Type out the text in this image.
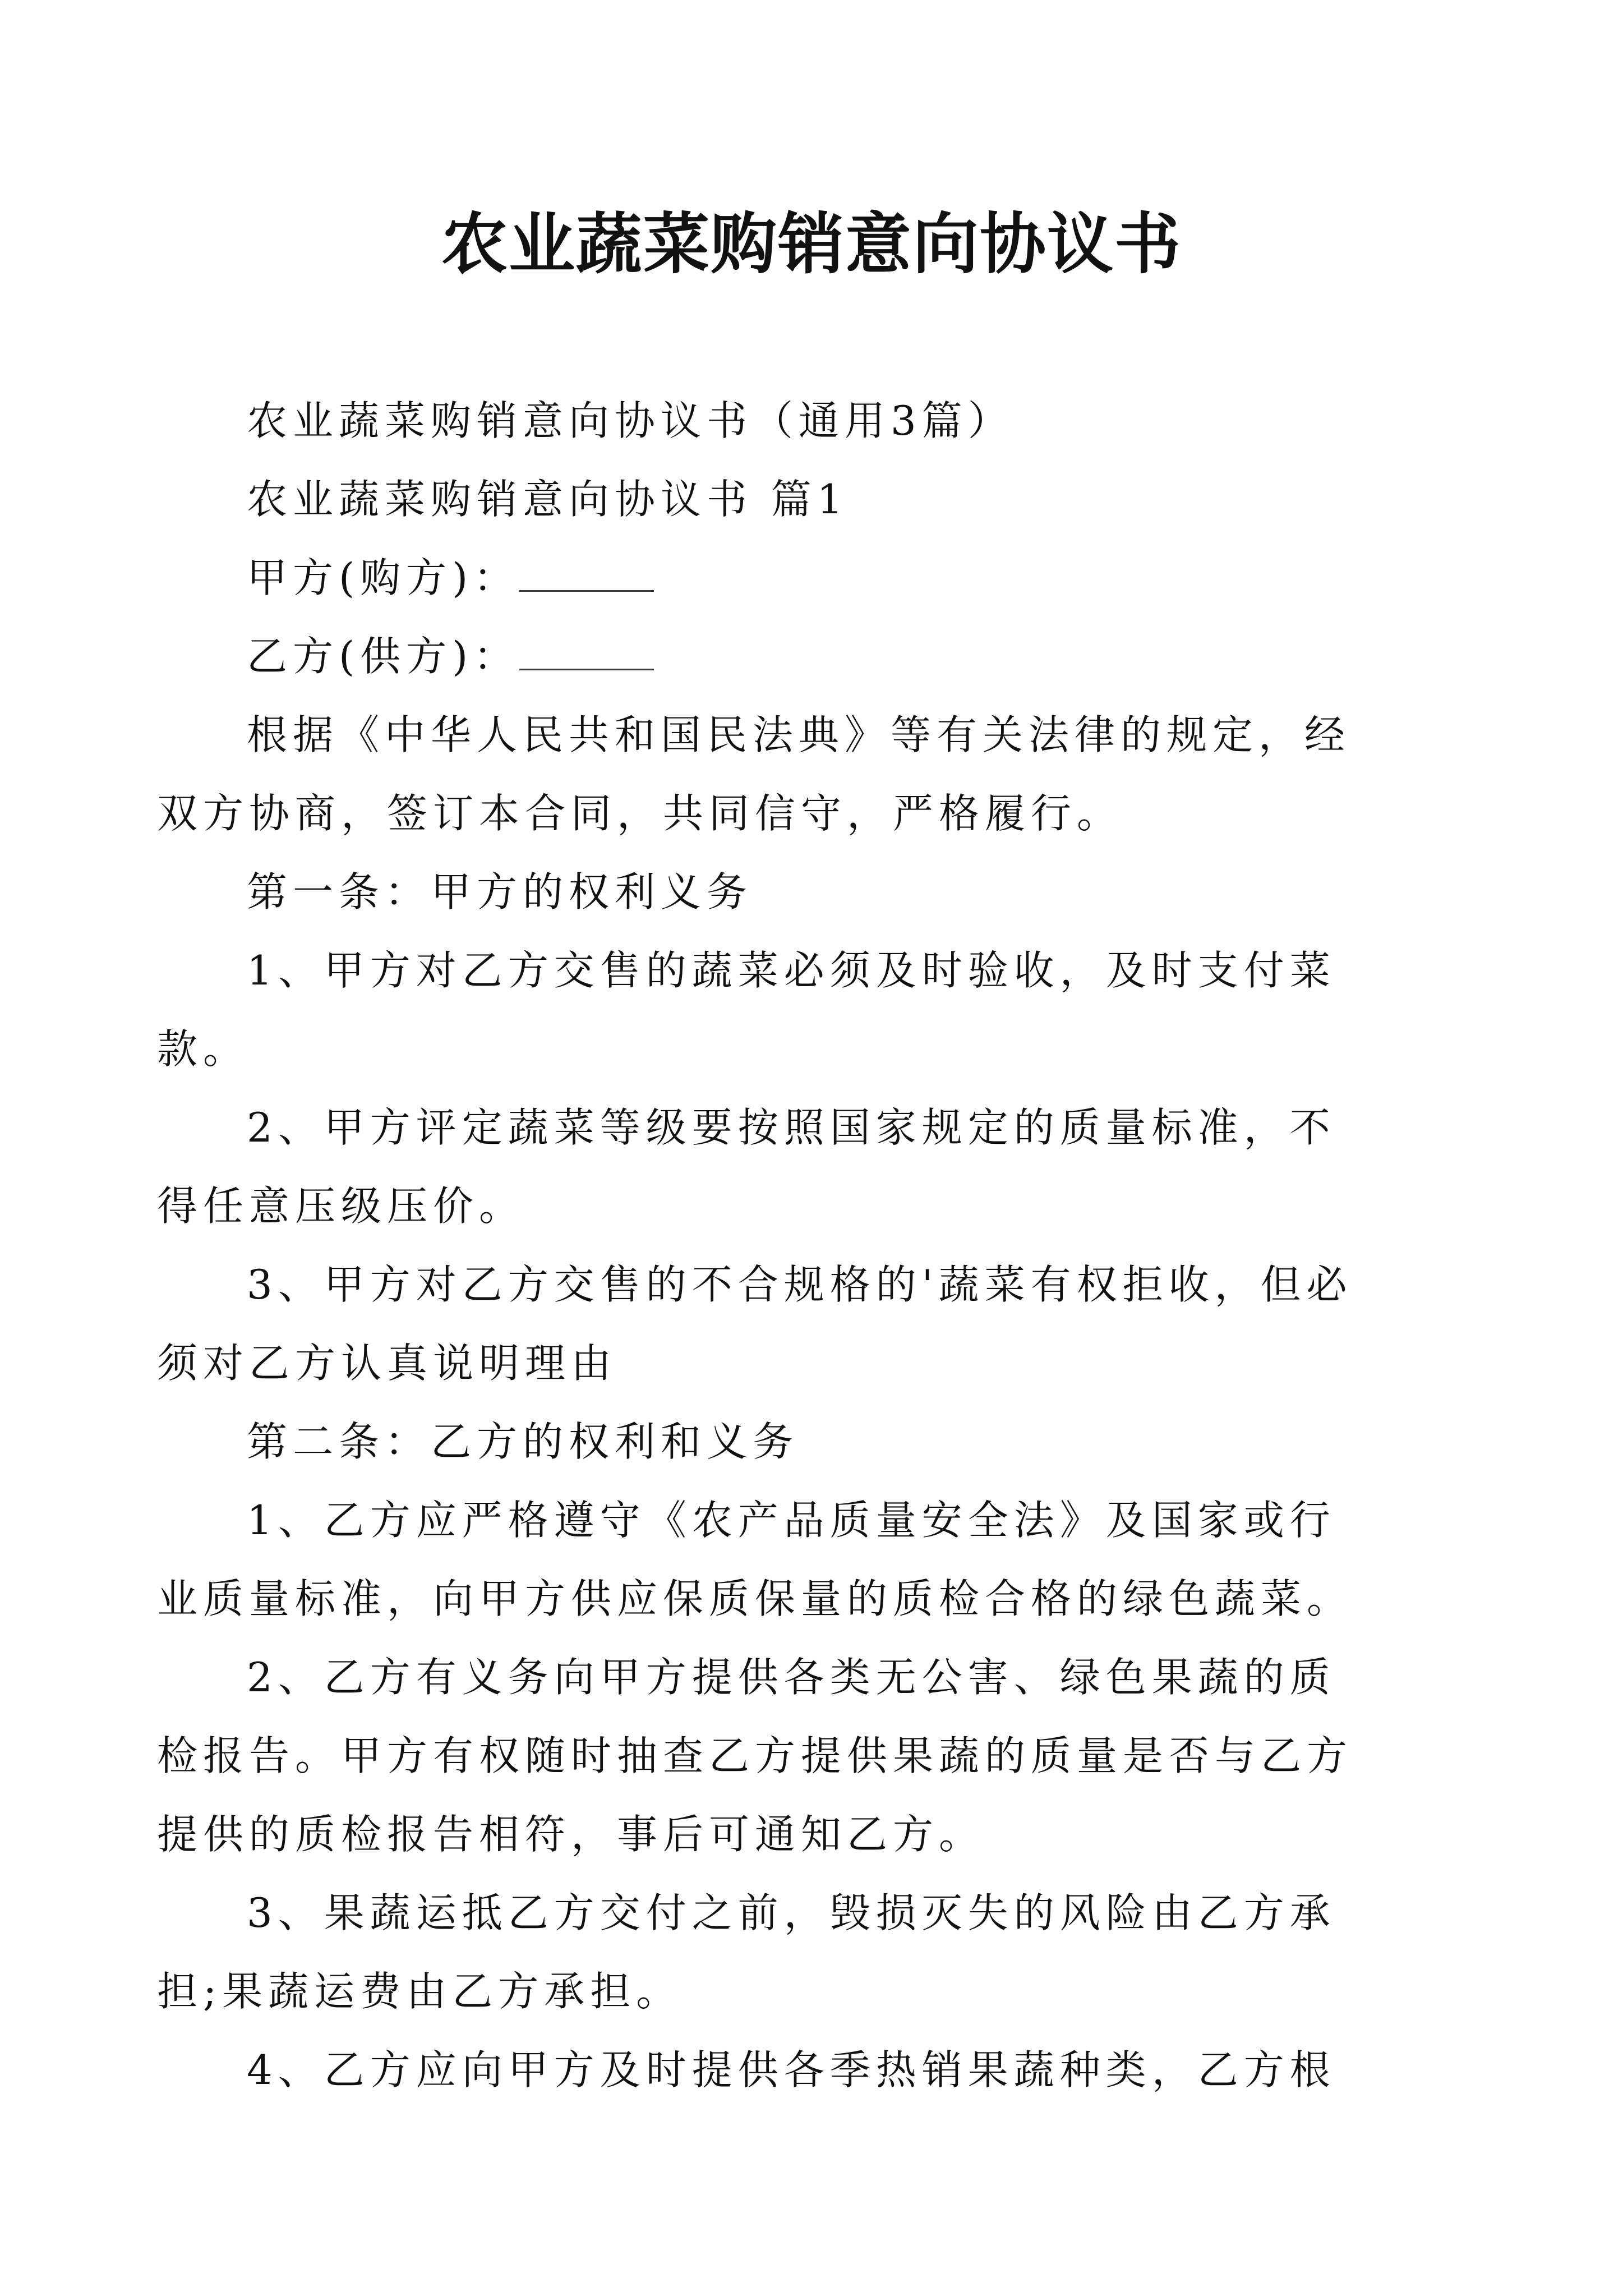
农业蔬菜购销意向协议书
农业蔬菜购销意向协议书（通用3篇）
农业蔬菜购销意向协议书 篇1
甲方(购方)：
乙方(供方)：
根据《中华人民共和国民法典》等有关法律的规定，经
双方协商，签订本合同，共同信守，严格履行。
第一条：甲方的权利义务
1、甲方对乙方交售的蔬菜必须及时验收，及时支付菜
款。
2、甲方评定蔬菜等级要按照国家规定的质量标准，不
得任意压级压价。
3、甲方对乙方交售的不合规格的'蔬菜有权拒收，但必
须对乙方认真说明理由
第二条：乙方的权利和义务
1、乙方应严格遵守《农产品质量安全法》及国家或行
业质量标准，向甲方供应保质保量的质检合格的绿色蔬菜。
2、乙方有义务向甲方提供各类无公害、绿色果蔬的质
检报告。甲方有权随时抽查乙方提供果蔬的质量是否与乙方
提供的质检报告相符，事后可通知乙方。
3、果蔬运抵乙方交付之前，毁损灭失的风险由乙方承
担;果蔬运费由乙方承担。
4、乙方应向甲方及时提供各季热销果蔬种类，乙方根
